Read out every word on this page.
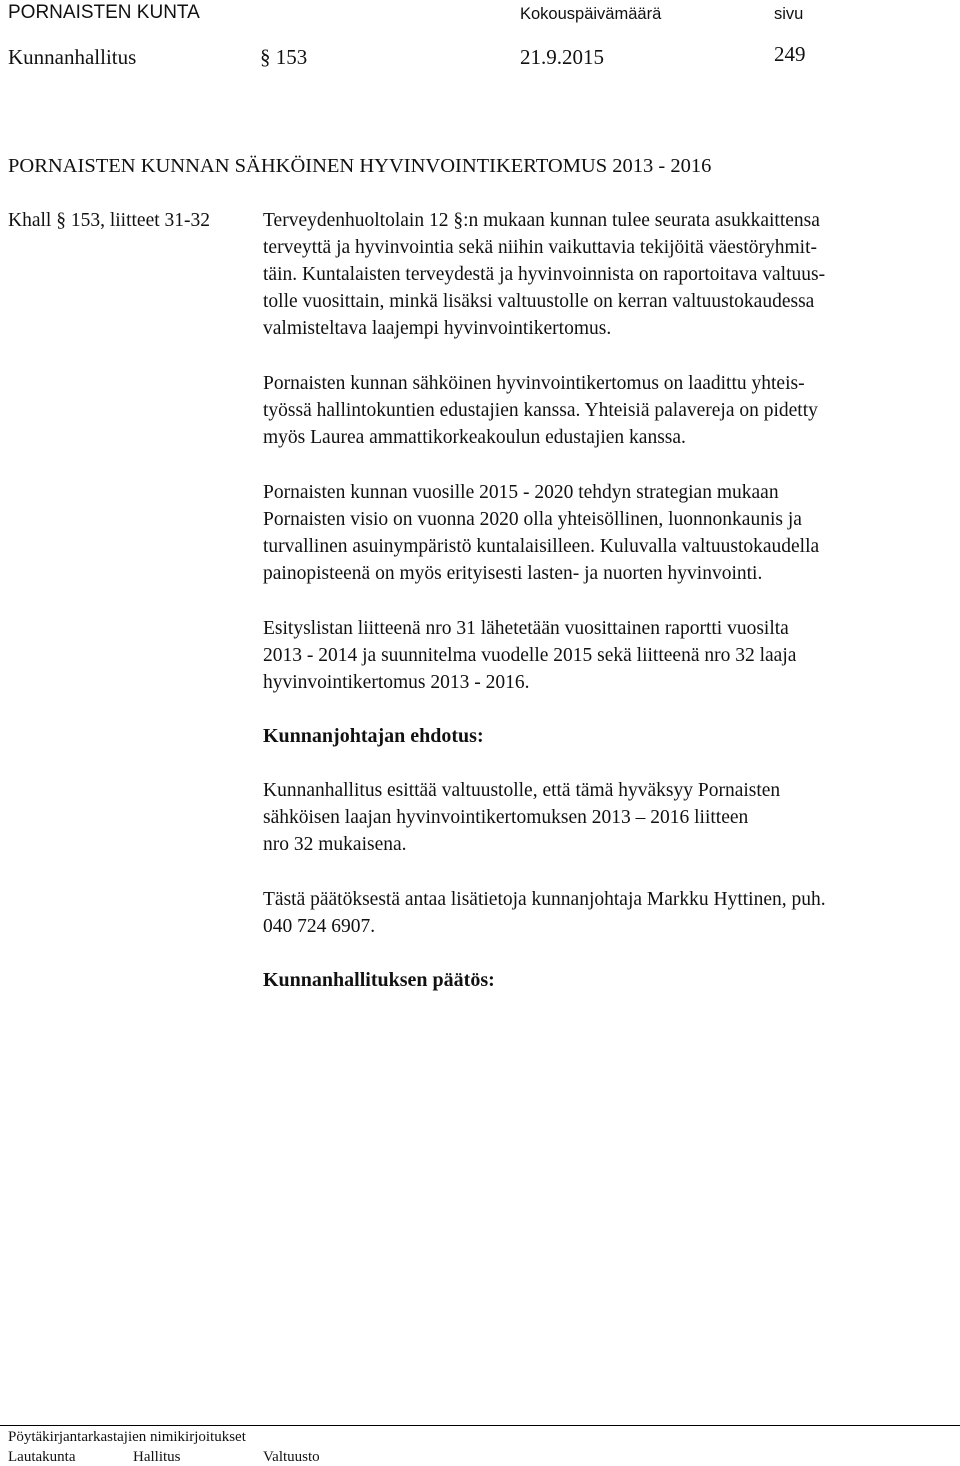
PORNAISTEN KUNTA	Kokouspäivämäärä	sivu
Kunnanhallitus	§ 153	21.9.2015	249
PORNAISTEN KUNNAN SÄHKÖINEN HYVINVOINTIKERTOMUS 2013 - 2016
Khall § 153, liitteet 31-32	Terveydenhuoltolain 12 §:n mukaan kunnan tulee seurata asukkaittensa
terveyttä ja hyvinvointia sekä niihin vaikuttavia tekijöitä väestöryhmit-
täin. Kuntalaisten terveydestä ja hyvinvoinnista on raportoitava valtuus-
tolle vuosittain, minkä lisäksi valtuustolle on kerran valtuustokaudessa
valmisteltava laajempi hyvinvointikertomus.
Pornaisten kunnan sähköinen hyvinvointikertomus on laadittu yhteis-
työssä hallintokuntien edustajien kanssa. Yhteisiä palavereja on pidetty
myös Laurea ammattikorkeakoulun edustajien kanssa.
Pornaisten kunnan vuosille 2015 - 2020 tehdyn strategian mukaan
Pornaisten visio on vuonna 2020 olla yhteisöllinen, luonnonkaunis ja
turvallinen asuinympäristö kuntalaisilleen. Kuluvalla valtuustokaudella
painopisteenä on myös erityisesti lasten- ja nuorten hyvinvointi.
Esityslistan liitteenä nro 31 lähetetään vuosittainen raportti vuosilta
2013 - 2014 ja suunnitelma vuodelle 2015 sekä liitteenä nro 32 laaja
hyvinvointikertomus 2013 - 2016.
Kunnanjohtajan ehdotus:
Kunnanhallitus esittää valtuustolle, että tämä hyväksyy Pornaisten
sähköisen laajan hyvinvointikertomuksen 2013 – 2016 liitteen
nro 32 mukaisena.
Tästä päätöksestä antaa lisätietoja kunnanjohtaja Markku Hyttinen, puh.
040 724 6907.
Kunnanhallituksen päätös:
Pöytäkirjantarkastajien nimikirjoitukset
Lautakunta	Hallitus	Valtuusto
